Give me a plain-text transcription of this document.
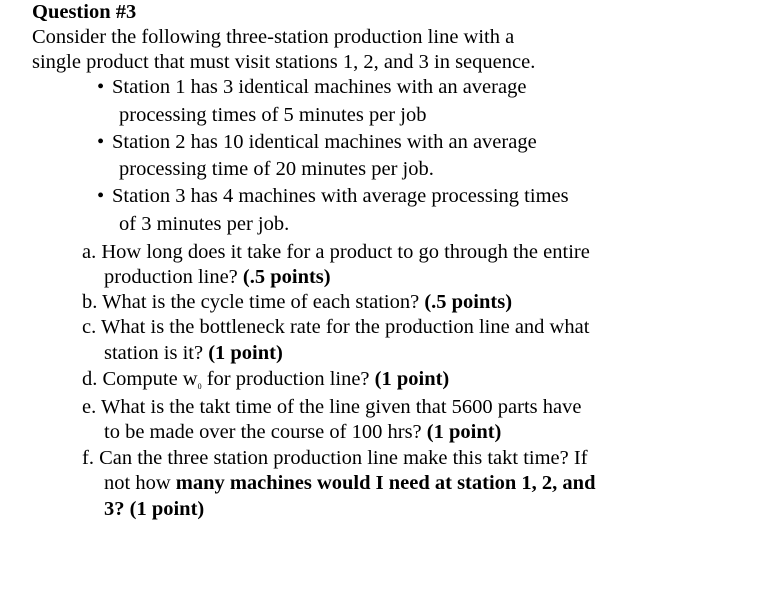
Question #3
Consider the following three-station production line with a
single product that must visit stations 1, 2, and 3 in sequence.
• Station 1 has 3 identical machines with an average
processing times of 5 minutes per job
• Station 2 has 10 identical machines with an average
processing time of 20 minutes per job.
• Station 3 has 4 machines with average processing times
of 3 minutes per job.
a. How long does it take for a product to go through the entire
production line? (.5 points)
b. What is the cycle time of each station? (.5 points)
c. What is the bottleneck rate for the production line and what
station is it? (1 point)
d. Compute $w_0$ for production line? (1 point)
e. What is the takt time of the line given that 5600 parts have
to be made over the course of 100 hrs? (1 point)
f. Can the three station production line make this takt time? If
not how many machines would I need at station 1, 2, and
3? (1 point)
